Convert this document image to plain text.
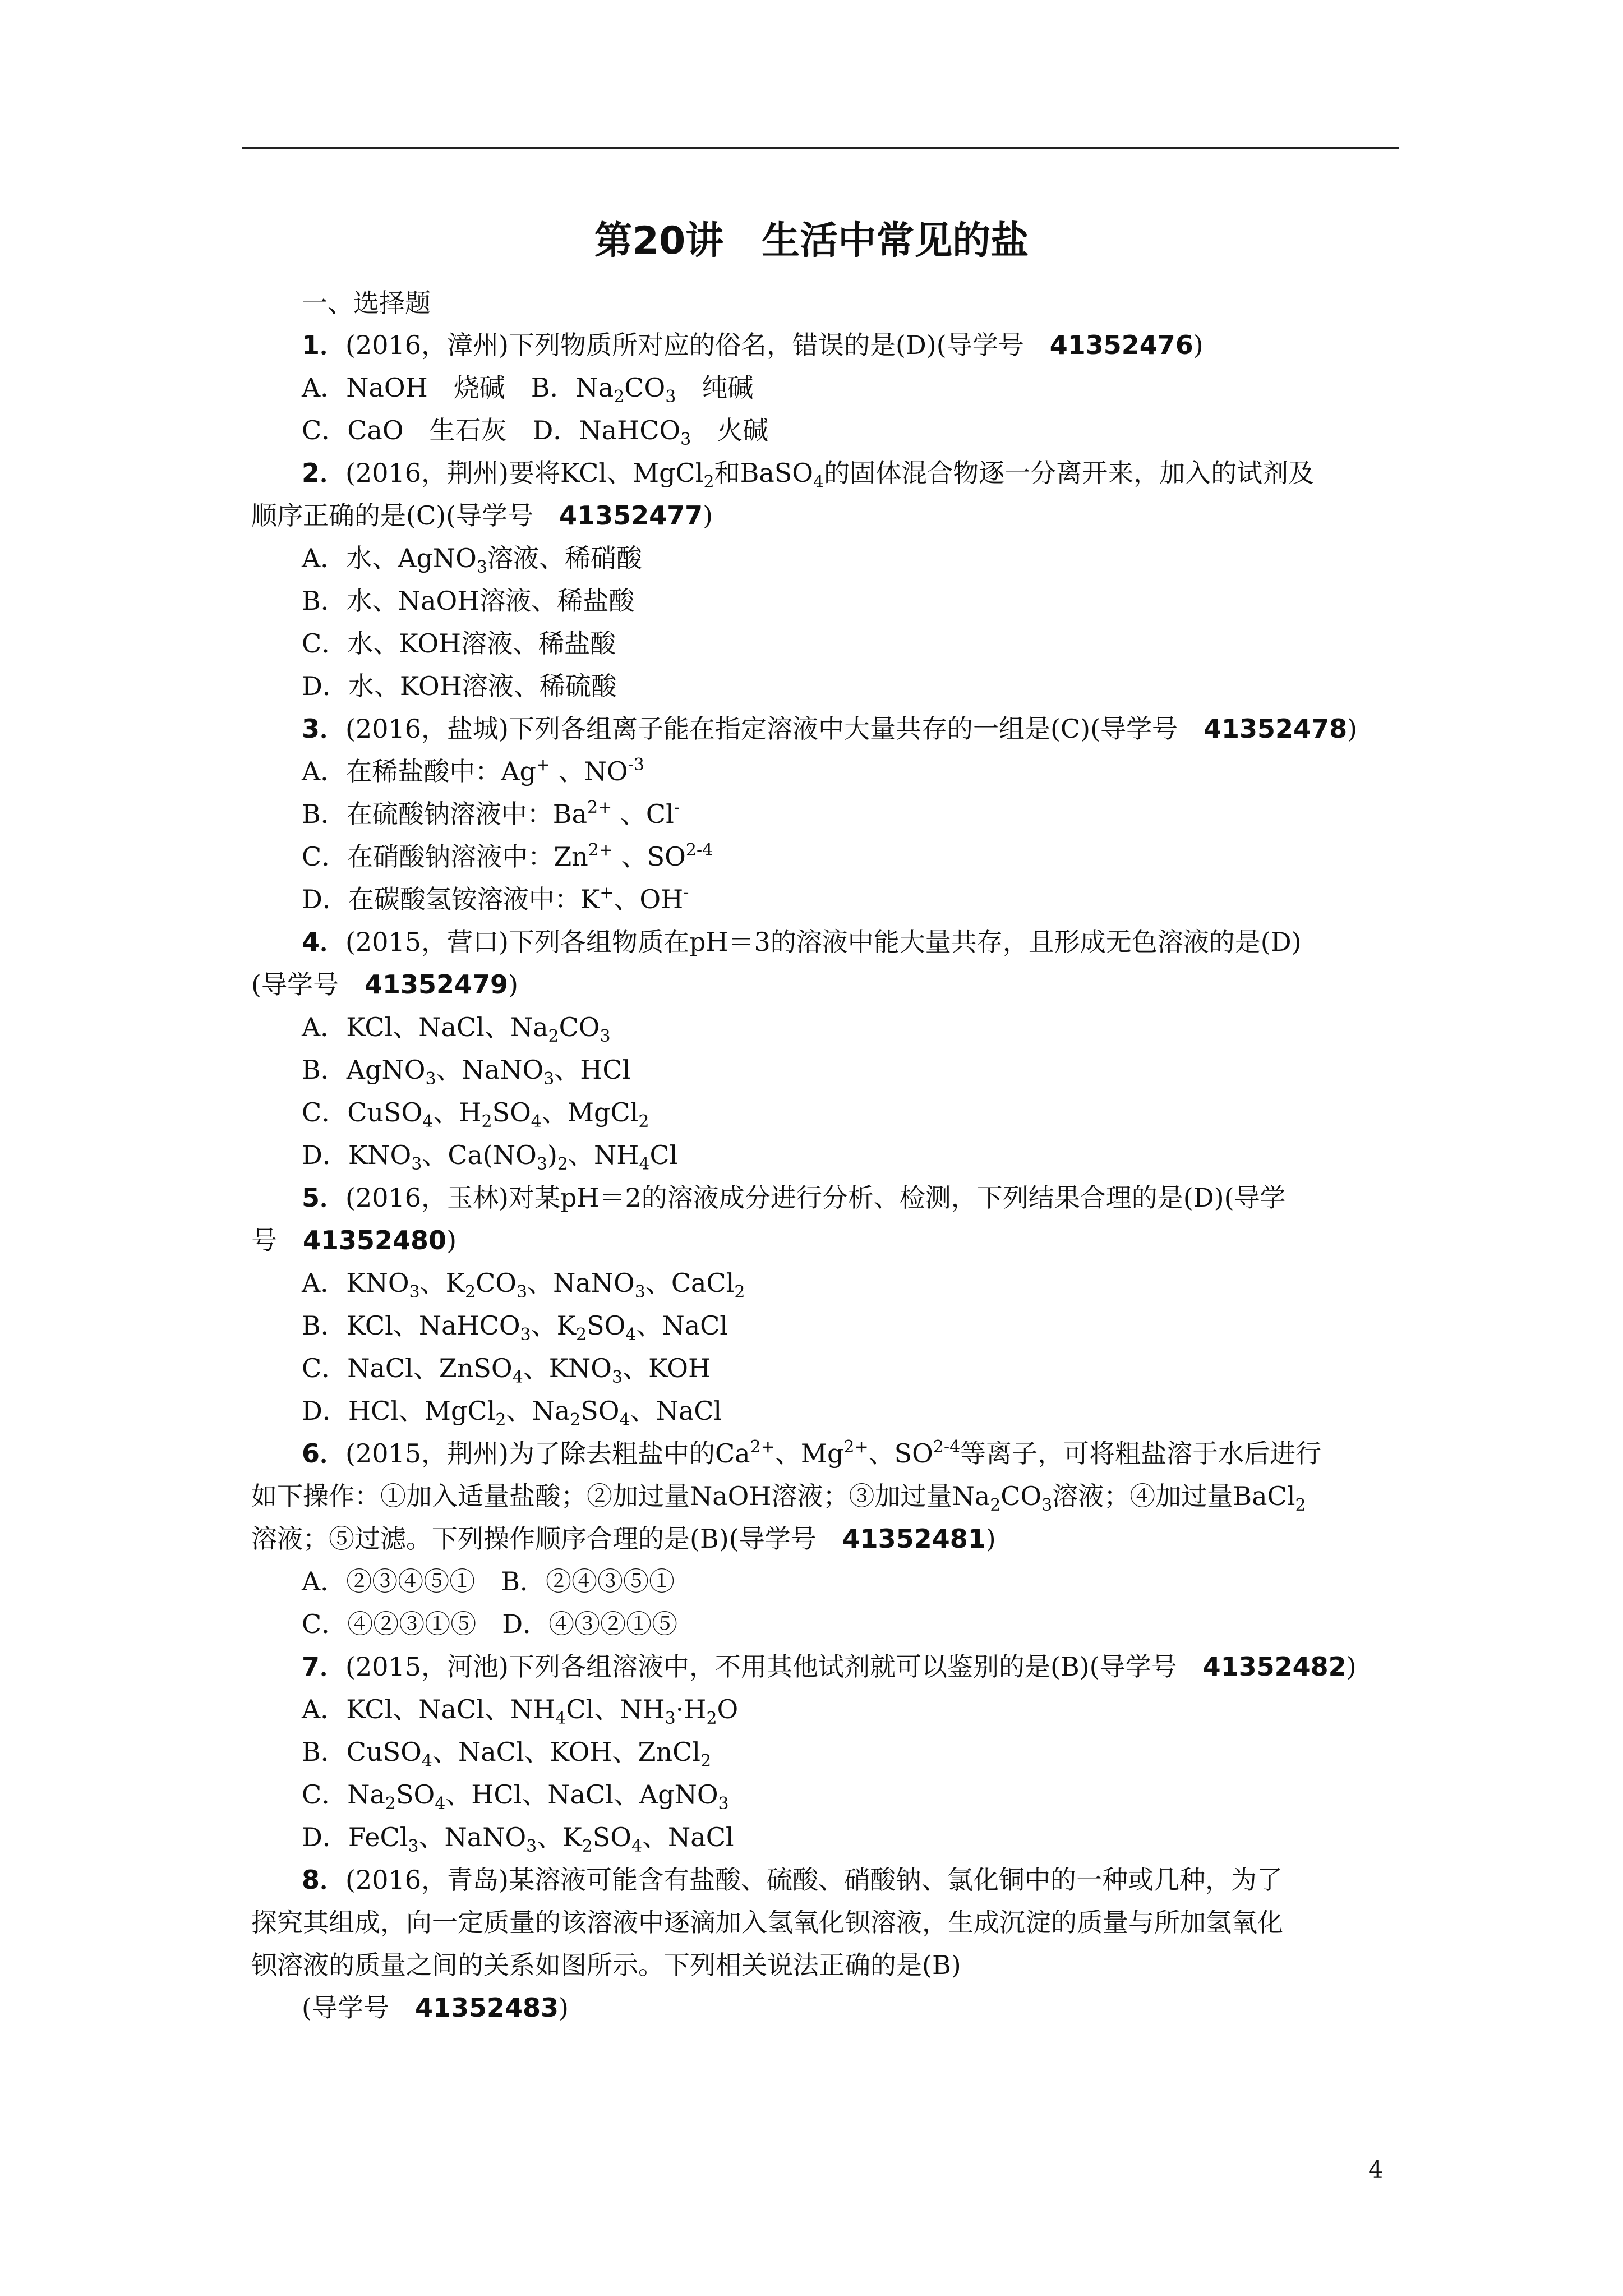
第20讲　生活中常见的盐
一、选择题
1．(2016，漳州)下列物质所对应的俗名，错误的是(D)(导学号　41352476)
A．NaOH　烧碱　B．$Na_2CO_3$　纯碱
C．CaO　生石灰　D．NaHCO$_3$　火碱
2．(2016，荆州)要将KCl、MgCl$_2$和BaSO$_4$的固体混合物逐一分离开来，加入的试剂及
顺序正确的是(C)(导学号　41352477)
A．水、AgNO$_3$溶液、稀硝酸
B．水、NaOH溶液、稀盐酸
C．水、KOH溶液、稀盐酸
D．水、KOH溶液、稀硫酸
3．(2016，盐城)下列各组离子能在指定溶液中大量共存的一组是(C)(导学号　41352478)
A．在稀盐酸中：Ag+ 、$NO^{-3}$
B．在硫酸钠溶液中：$Ba^{2+}$ 、Cl-
C．在硝酸钠溶液中：$Zn^{2+}$ 、SO$^{2-4}$
D．在碳酸氢铵溶液中：K+、OH-
4．(2015，营口)下列各组物质在pH＝3的溶液中能大量共存，且形成无色溶液的是(D)
(导学号　41352479)
A．KCl、NaCl、$Na_2CO_3$
B．AgNO$_3$、NaNO$_3$、HCl
C．CuSO$_4$、$H_2SO_4$、MgCl$_2$
D．$KNO_3$、$Ca(NO_3)_2$、$NH_4Cl$
5．(2016，玉林)对某pH＝2的溶液成分进行分析、检测，下列结果合理的是(D)(导学
号　41352480)
A．$KNO_3$、$K_2CO_3$、NaNO$_3$、CaCl$_2$
B．KCl、NaHCO$_3$、$K_2SO_4$、NaCl
C．NaCl、ZnSO$_4$、$KNO_3$、KOH
D．HCl、MgCl$_2$、$Na_2SO_4$、NaCl
6．(2015，荆州)为了除去粗盐中的$Ca^{2+}$、$Mg^{2+}$、SO$^{2-4}$等离子，可将粗盐溶于水后进行
如下操作：①加入适量盐酸；②加过量NaOH溶液；③加过量$Na_2CO_3$溶液；④加过量BaCl$_2$
溶液；⑤过滤。下列操作顺序合理的是(B)(导学号　41352481)
A．②③④⑤①　B．②④③⑤①
C．④②③①⑤　D．④③②①⑤
7．(2015，河池)下列各组溶液中，不用其他试剂就可以鉴别的是(B)(导学号　41352482)
A．KCl、NaCl、$NH_4Cl$、$NH_3\cdot H_2O$
B．CuSO$_4$、NaCl、KOH、ZnCl$_2$
C．$Na_2SO_4$、HCl、NaCl、AgNO$_3$
D．FeCl$_3$、NaNO$_3$、$K_2SO_4$、NaCl
8．(2016，青岛)某溶液可能含有盐酸、硫酸、硝酸钠、氯化铜中的一种或几种，为了
探究其组成，向一定质量的该溶液中逐滴加入氢氧化钡溶液，生成沉淀的质量与所加氢氧化
钡溶液的质量之间的关系如图所示。下列相关说法正确的是(B)
(导学号　41352483)
4
